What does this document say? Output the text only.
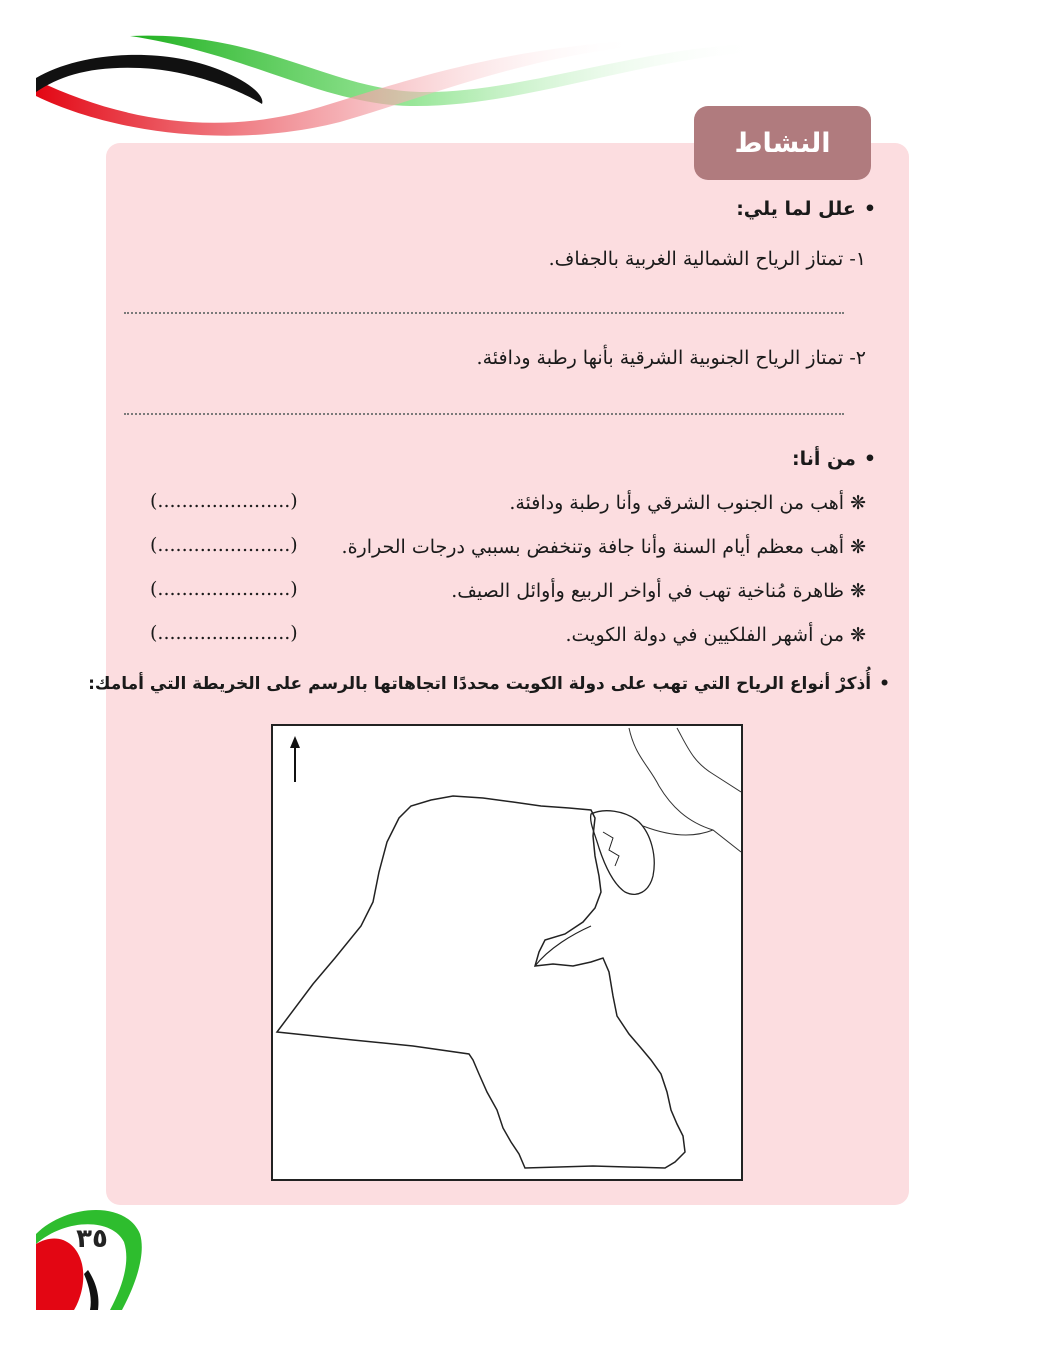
النشاط
• علل لما يلي:
١- تمتاز الرياح الشمالية الغربية بالجفاف.
٢- تمتاز الرياح الجنوبية الشرقية بأنها رطبة ودافئة.
• من أنا:
❋ أهب من الجنوب الشرقي وأنا رطبة ودافئة.
(......................)
❋ أهب معظم أيام السنة وأنا جافة وتنخفض بسببي درجات الحرارة.
(......................)
❋ ظاهرة مُناخية تهب في أواخر الربيع وأوائل الصيف.
(......................)
❋ من أشهر الفلكيين في دولة الكويت.
(......................)
• أُذكرْ أنواع الرياح التي تهب على دولة الكويت محددًا اتجاهاتها بالرسم على الخريطة التي أمامك:
٣٥
